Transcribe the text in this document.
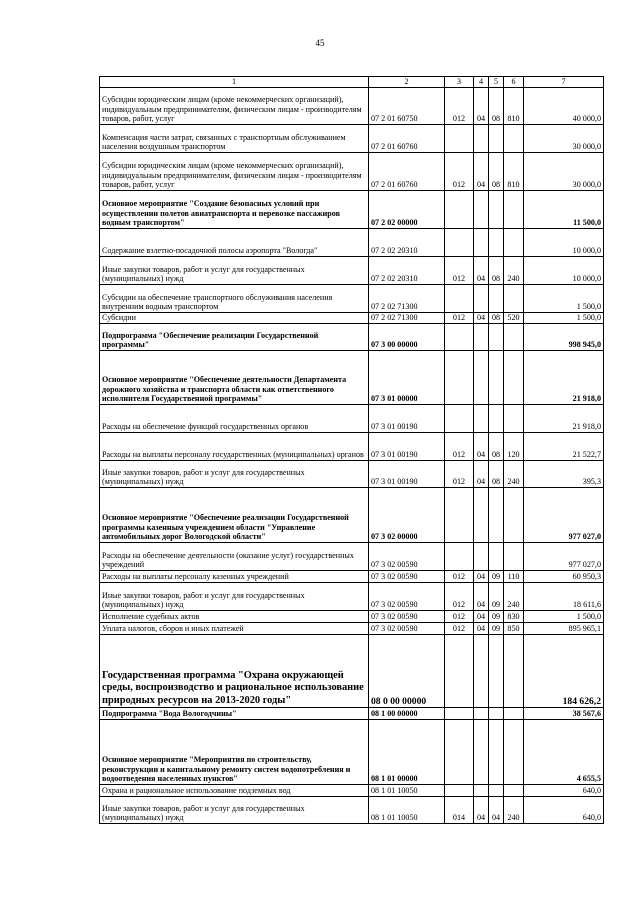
45
1	2	3	4	5	6	7
Субсидии юридическим лицам (кроме некоммерческих организаций), индивидуальным предпринимателям, физическим лицам - производителям товаров, работ, услуг	07 2 01 60750	012	04	08	810	40 000,0
Компенсация части затрат, связанных с транспортным обслуживанием населения воздушным транспортом	07 2 01 60760					30 000,0
Субсидии юридическим лицам (кроме некоммерческих организаций), индивидуальным предпринимателям, физическим лицам - производителям товаров, работ, услуг	07 2 01 60760	012	04	08	810	30 000,0
Основное мероприятие "Создание безопасных условий при осуществлении полетов авиатранспорта и перевозке пассажиров водным транспортом"	07 2 02 00000					11 500,0
Содержание взлетно-посадочной полосы аэропорта "Вологда"	07 2 02 20310					10 000,0
Иные закупки товаров, работ и услуг для государственных (муниципальных) нужд	07 2 02 20310	012	04	08	240	10 000,0
Субсидии на обеспечение транспортного обслуживания населения внутренним водным транспортом	07 2 02 71300					1 500,0
Субсидии	07 2 02 71300	012	04	08	520	1 500,0
Подпрограмма "Обеспечение реализации Государственной программы"	07 3 00 00000					998 945,0
Основное мероприятие "Обеспечение деятельности Департамента дорожного хозяйства и транспорта области как ответственного исполнителя Государственной программы"	07 3 01 00000					21 918,0
Расходы на обеспечение функций государственных органов	07 3 01 00190					21 918,0
Расходы на выплаты персоналу государственных (муниципальных) органов	07 3 01 00190	012	04	08	120	21 522,7
Иные закупки товаров, работ и услуг для государственных (муниципальных) нужд	07 3 01 00190	012	04	08	240	395,3
Основное мероприятие "Обеспечение реализации Государственной программы казенным учреждением области "Управление автомобильных дорог Вологодской области"	07 3 02 00000					977 027,0
Расходы на обеспечение деятельности (оказание услуг) государственных учреждений	07 3 02 00590					977 027,0
Расходы на выплаты персоналу казенных учреждений	07 3 02 00590	012	04	09	110	60 950,3
Иные закупки товаров, работ и услуг для государственных (муниципальных) нужд	07 3 02 00590	012	04	09	240	18 611,6
Исполнение судебных актов	07 3 02 00590	012	04	09	830	1 500,0
Уплата налогов, сборов и иных платежей	07 3 02 00590	012	04	09	850	895 965,1
Государственная программа "Охрана окружающей среды, воспроизводство и рациональное использование природных ресурсов на 2013-2020 годы"	08 0 00 00000					184 626,2
Подпрограмма "Вода Вологодчины"	08 1 00 00000					38 567,6
Основное мероприятие "Мероприятия по строительству, реконструкции и капитальному ремонту систем водопотребления и водоотведения населенных пунктов"	08 1 01 00000					4 655,5
Охрана и рациональное использование подземных вод	08 1 01 10050					640,0
Иные закупки товаров, работ и услуг для государственных (муниципальных) нужд	08 1 01 10050	014	04	04	240	640,0
